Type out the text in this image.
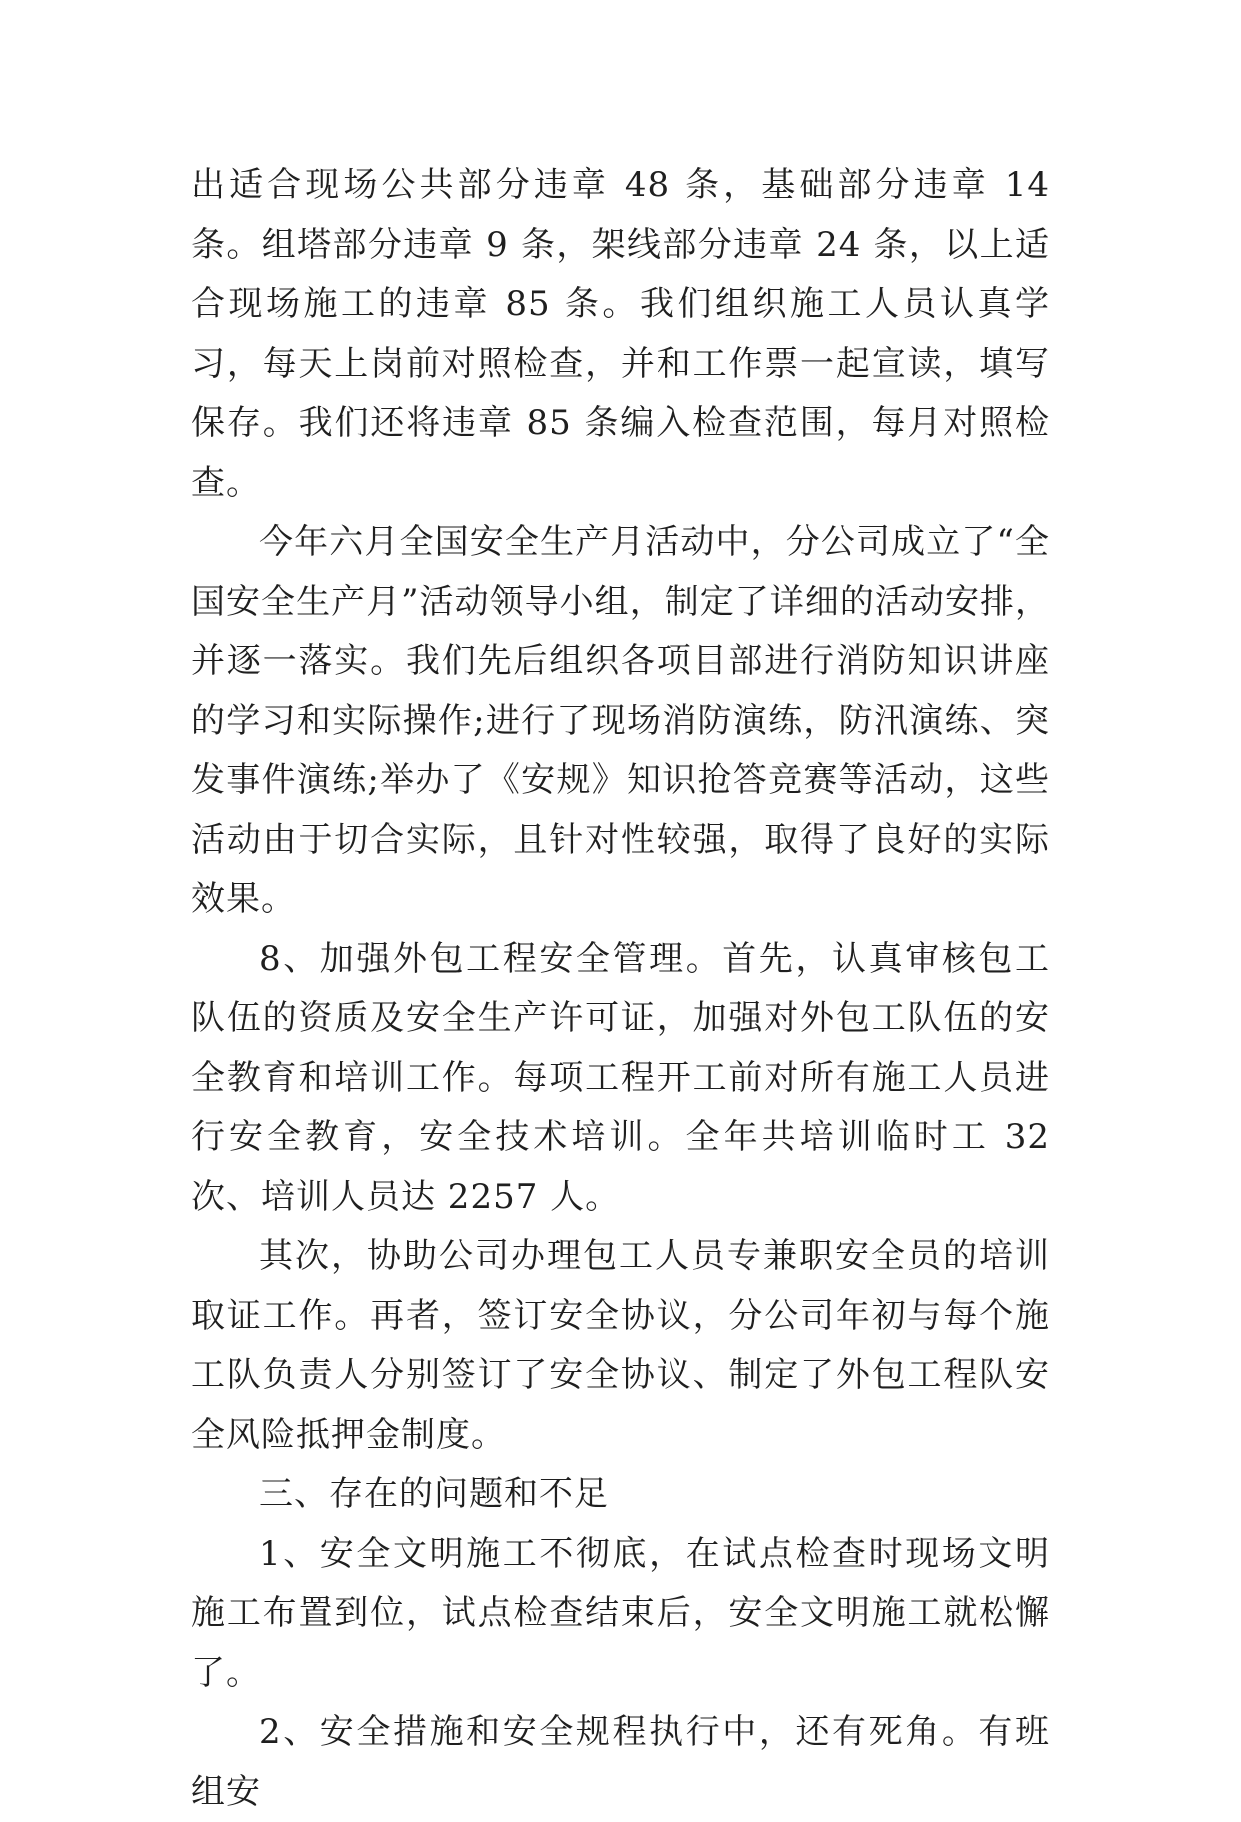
出适合现场公共部分违章 48 条，基础部分违章 14 条。组塔部分违章 9 条，架线部分违章 24 条，以上适合现场施工的违章 85 条。我们组织施工人员认真学习，每天上岗前对照检查，并和工作票一起宣读，填写保存。我们还将违章 85 条编入检查范围，每月对照检查。

今年六月全国安全生产月活动中，分公司成立了“全国安全生产月”活动领导小组，制定了详细的活动安排，并逐一落实。我们先后组织各项目部进行消防知识讲座的学习和实际操作;进行了现场消防演练，防汛演练、突发事件演练;举办了《安规》知识抢答竞赛等活动，这些活动由于切合实际，且针对性较强，取得了良好的实际效果。

8、加强外包工程安全管理。首先，认真审核包工队伍的资质及安全生产许可证，加强对外包工队伍的安全教育和培训工作。每项工程开工前对所有施工人员进行安全教育，安全技术培训。全年共培训临时工 32 次、培训人员达 2257 人。

其次，协助公司办理包工人员专兼职安全员的培训取证工作。再者，签订安全协议，分公司年初与每个施工队负责人分别签订了安全协议、制定了外包工程队安全风险抵押金制度。

三、存在的问题和不足

1、安全文明施工不彻底，在试点检查时现场文明施工布置到位，试点检查结束后，安全文明施工就松懈了。

2、安全措施和安全规程执行中，还有死角。有班组安
